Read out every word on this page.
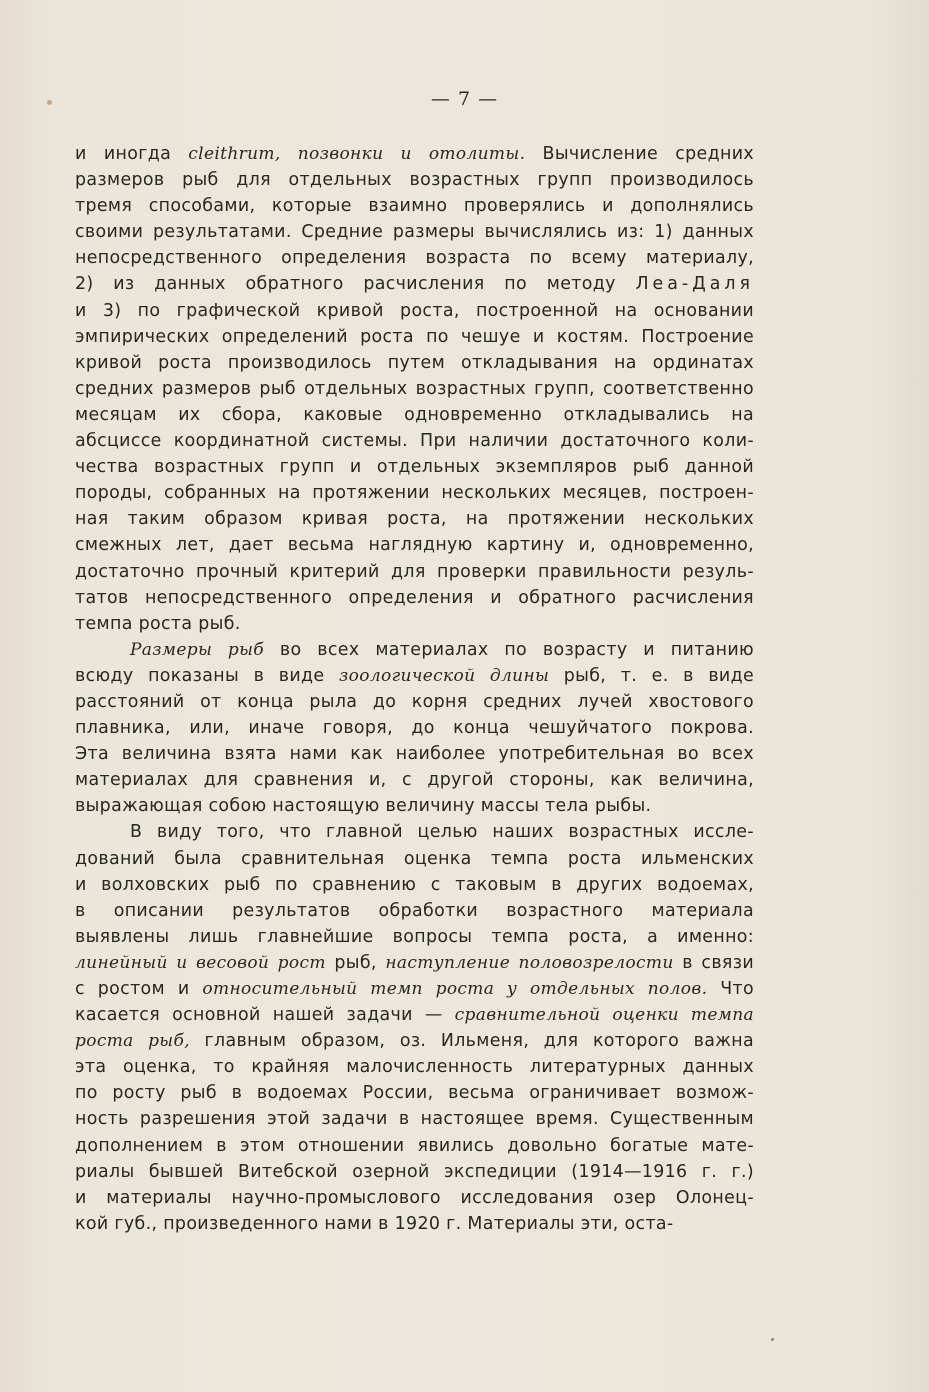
— 7 —
и иногда cleithrum, позвонки и отолиты. Вычисление средних
размеров рыб для отдельных возрастных групп производилось
тремя способами, которые взаимно проверялись и дополнялись
своими результатами. Средние размеры вычислялись из: 1) данных
непосредственного определения возраста по всему материалу,
2) из данных обратного расчисления по методу Леа-Даля
и 3) по графической кривой роста, построенной на основании
эмпирических определений роста по чешуе и костям. Построение
кривой роста производилось путем откладывания на ординатах
средних размеров рыб отдельных возрастных групп, соответственно
месяцам их сбора, каковые одновременно откладывались на
абсциссе координатной системы. При наличии достаточного коли-
чества возрастных групп и отдельных экземпляров рыб данной
породы, собранных на протяжении нескольких месяцев, построен-
ная таким образом кривая роста, на протяжении нескольких
смежных лет, дает весьма наглядную картину и, одновременно,
достаточно прочный критерий для проверки правильности резуль-
татов непосредственного определения и обратного расчисления
темпа роста рыб.
Размеры рыб во всех материалах по возрасту и питанию
всюду показаны в виде зоологической длины рыб, т. е. в виде
расстояний от конца рыла до корня средних лучей хвостового
плавника, или, иначе говоря, до конца чешуйчатого покрова.
Эта величина взята нами как наиболее употребительная во всех
материалах для сравнения и, с другой стороны, как величина,
выражающая собою настоящую величину массы тела рыбы.
В виду того, что главной целью наших возрастных иссле-
дований была сравнительная оценка темпа роста ильменских
и волховских рыб по сравнению с таковым в других водоемах,
в описании результатов обработки возрастного материала
выявлены лишь главнейшие вопросы темпа роста, а именно:
линейный и весовой рост рыб, наступление половозрелости в связи
с ростом и относительный темп роста у отдельных полов. Что
касается основной нашей задачи — сравнительной оценки темпа
роста рыб, главным образом, оз. Ильменя, для которого важна
эта оценка, то крайняя малочисленность литературных данных
по росту рыб в водоемах России, весьма ограничивает возмож-
ность разрешения этой задачи в настоящее время. Существенным
дополнением в этом отношении явились довольно богатые мате-
риалы бывшей Витебской озерной экспедиции (1914—1916 г. г.)
и материалы научно-промыслового исследования озер Олонец-
кой губ., произведенного нами в 1920 г. Материалы эти, оста-
